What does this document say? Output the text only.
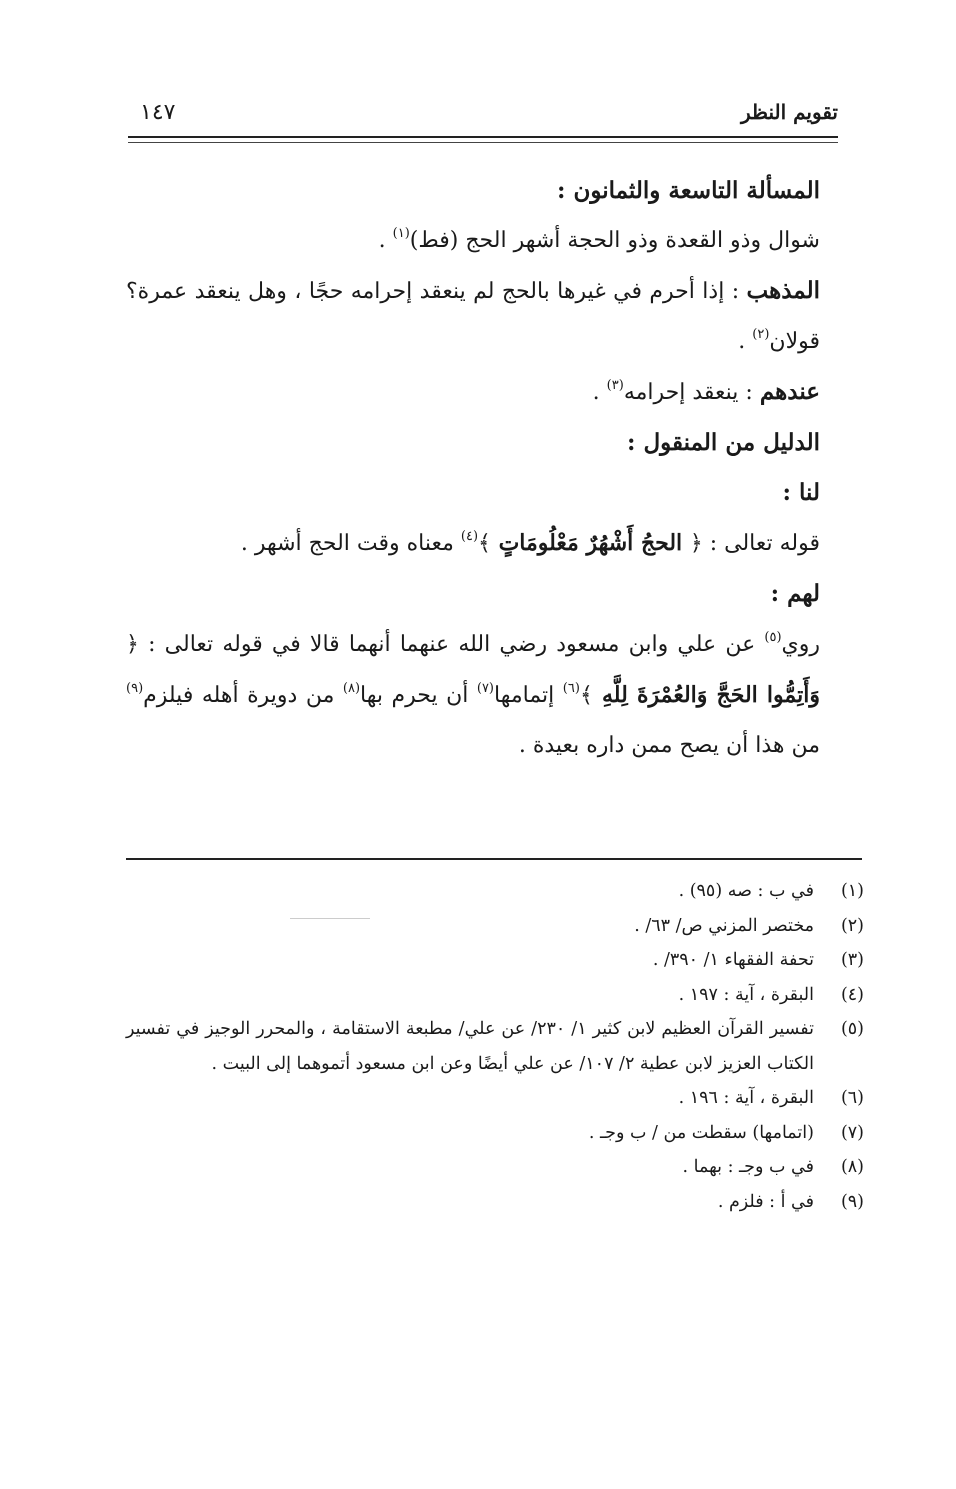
تقويم النظر
١٤٧

المسألة التاسعة والثمانون :

شوال وذو القعدة وذو الحجة أشهر الحج (فط)$^{(١)}$ .

المذهب : إذا أحرم في غيرها بالحج لم ينعقد إحرامه حجًا ، وهل ينعقد عمرة؟ قولان$^{(٢)}$ .

عندهم : ينعقد إحرامه$^{(٣)}$ .

الدليل من المنقول :

لنا :

قوله تعالى : ﴿ الحجُ أَشْهُرٌ مَعْلُومَاتٍ ﴾$^{(٤)}$ معناه وقت الحج أشهر .

لهم :

روي$^{(٥)}$ عن علي وابن مسعود رضي الله عنهما أنهما قالا في قوله تعالى : ﴿ وَأَتِمُّوا الحَجَّ وَالعُمْرَةَ لِلَّهِ ﴾$^{(٦)}$ إتمامها$^{(٧)}$ أن يحرم بها$^{(٨)}$ من دويرة أهله فيلزم$^{(٩)}$ من هذا أن يصح ممن داره بعيدة .

(١)
في ب : صه (٩٥) .
(٢)
مختصر المزني ص/ ٦٣/ .
(٣)
تحفة الفقهاء ١/ ٣٩٠/ .
(٤)
البقرة ، آية : ١٩٧ .
(٥)
تفسير القرآن العظيم لابن كثير ١/ ٢٣٠/ عن علي/ مطبعة الاستقامة ، والمحرر الوجيز في تفسير الكتاب العزيز لابن عطية ٢/ ١٠٧/ عن علي أيضًا وعن ابن مسعود أتموهما إلى البيت .
(٦)
البقرة ، آية : ١٩٦ .
(٧)
(اتمامها) سقطت من / ب وجـ .
(٨)
في ب وجـ : بهما .
(٩)
في أ : فلزم .
